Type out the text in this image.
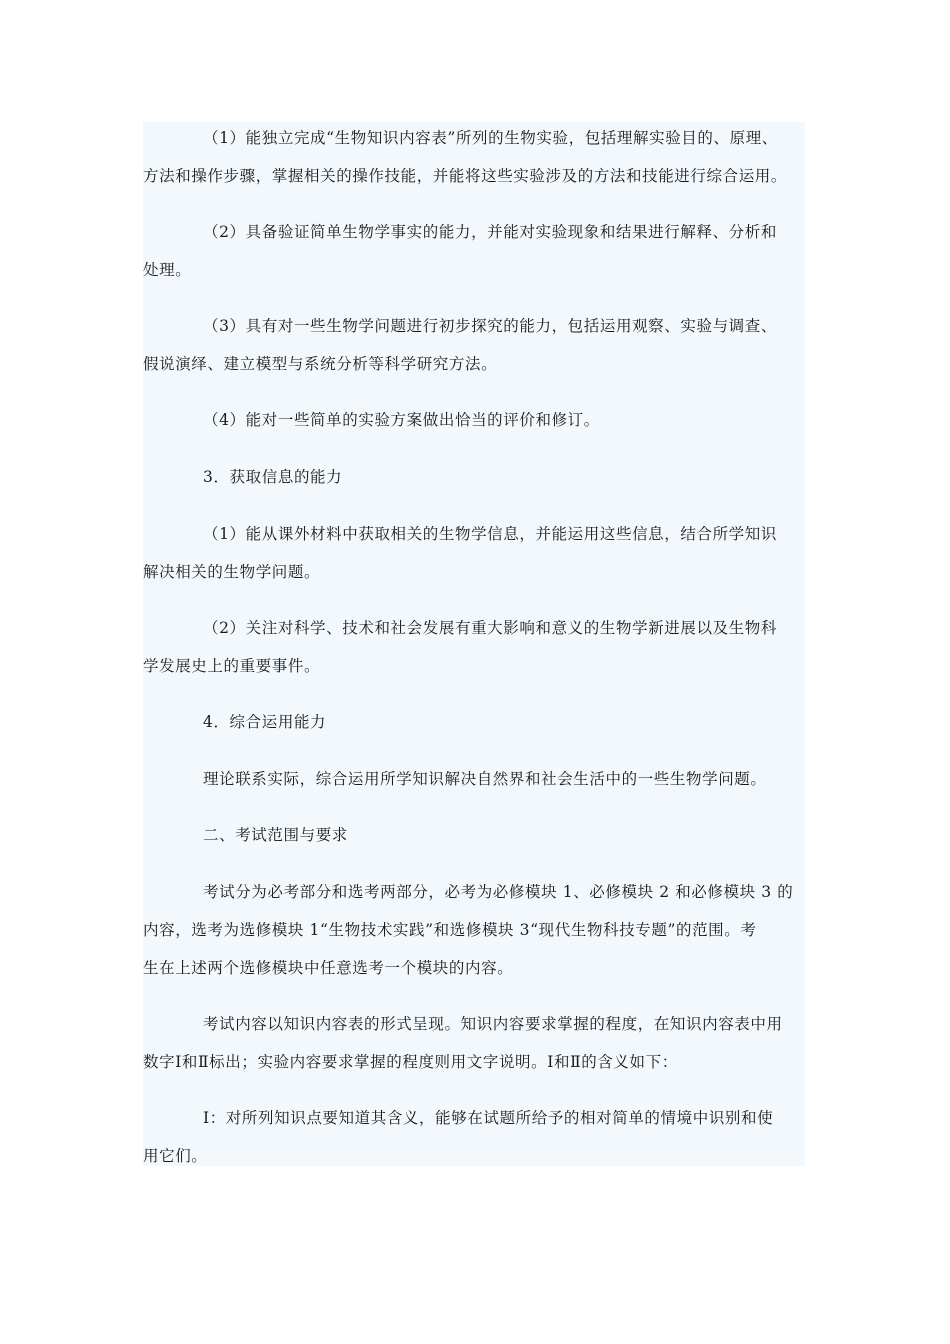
（1）能独立完成“生物知识内容表”所列的生物实验，包括理解实验目的、原理、
方法和操作步骤，掌握相关的操作技能，并能将这些实验涉及的方法和技能进行综合运用。

（2）具备验证简单生物学事实的能力，并能对实验现象和结果进行解释、分析和
处理。

（3）具有对一些生物学问题进行初步探究的能力，包括运用观察、实验与调查、
假说演绎、建立模型与系统分析等科学研究方法。

（4）能对一些简单的实验方案做出恰当的评价和修订。

3．获取信息的能力

（1）能从课外材料中获取相关的生物学信息，并能运用这些信息，结合所学知识
解决相关的生物学问题。

（2）关注对科学、技术和社会发展有重大影响和意义的生物学新进展以及生物科
学发展史上的重要事件。

4．综合运用能力

理论联系实际，综合运用所学知识解决自然界和社会生活中的一些生物学问题。

二、考试范围与要求

考试分为必考部分和选考两部分，必考为必修模块 1、必修模块 2 和必修模块 3 的
内容，选考为选修模块 1“生物技术实践”和选修模块 3“现代生物科技专题”的范围。考
生在上述两个选修模块中任意选考一个模块的内容。

考试内容以知识内容表的形式呈现。知识内容要求掌握的程度，在知识内容表中用
数字Ⅰ和Ⅱ标出；实验内容要求掌握的程度则用文字说明。Ⅰ和Ⅱ的含义如下：

Ⅰ：对所列知识点要知道其含义，能够在试题所给予的相对简单的情境中识别和使
用它们。
